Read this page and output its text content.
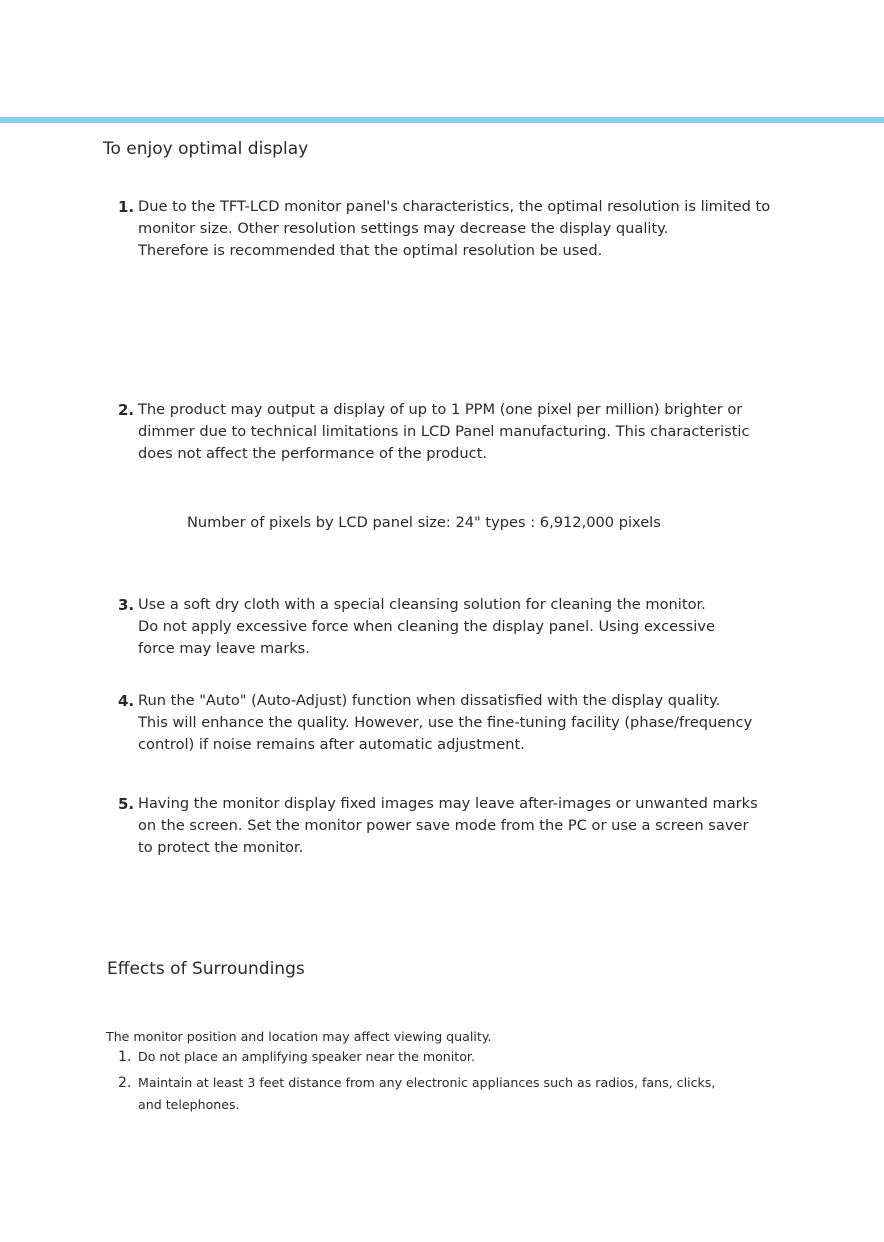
To enjoy optimal display
1. Due to the TFT-LCD monitor panel's characteristics, the optimal resolution is limited to
monitor size. Other resolution settings may decrease the display quality.
Therefore is recommended that the optimal resolution be used.
2. The product may output a display of up to 1 PPM (one pixel per million) brighter or
dimmer due to technical limitations in LCD Panel manufacturing. This characteristic
does not affect the performance of the product.
Number of pixels by LCD panel size: 24" types : 6,912,000 pixels
3. Use a soft dry cloth with a special cleansing solution for cleaning the monitor.
Do not apply excessive force when cleaning the display panel. Using excessive
force may leave marks.
4. Run the "Auto" (Auto-Adjust) function when dissatisfied with the display quality.
This will enhance the quality. However, use the fine-tuning facility (phase/frequency
control) if noise remains after automatic adjustment.
5. Having the monitor display fixed images may leave after-images or unwanted marks
on the screen. Set the monitor power save mode from the PC or use a screen saver
to protect the monitor.
Effects of Surroundings
The monitor position and location may affect viewing quality.
1. Do not place an amplifying speaker near the monitor.
2. Maintain at least 3 feet distance from any electronic appliances such as radios, fans, clicks,
and telephones.
